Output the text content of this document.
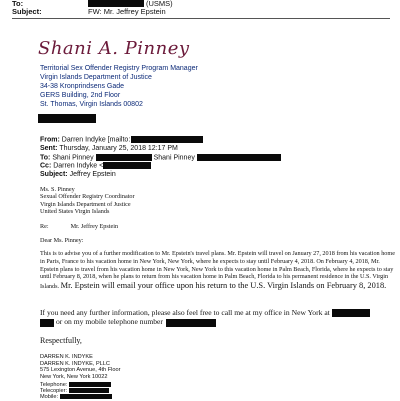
To:	(USMS)
Subject:	FW: Mr. Jeffrey Epstein
Shani A. Pinney
Territorial Sex Offender Registry Program Manager
Virgin Islands Department of Justice
34-38 Kronprindsens Gade
GERS Building, 2nd Floor
St. Thomas, Virgin Islands 00802
From: Darren Indyke [mailto:
Sent: Thursday, January 25, 2018 12:17 PM
To: Shani Pinney	Shani Pinney
Cc: Darren Indyke <
Subject: Jeffrey Epstein

Ms. S. Pinney

Sexual Offender Registry Coordinator

Virgin Islands Department of Justice

United States Virgin Islands

Re:	Mr. Jeffrey Epstein

Dear Ms. Pinney:

This is to advise you of a further modification to Mr. Epstein's travel plans. Mr. Epstein will travel on January 27, 2018 from his vacation home in Paris, France to his vacation home in New York, New York, where he expects to stay until February 4, 2018. On February 4, 2018, Mr. Epstein plans to travel from his vacation home in New York, New York to this vacation home in Palm Beach, Florida, where he expects to stay until February 8, 2018, when he plans to return from his vacation home in Palm Beach, Florida to his permanent residence in the U.S. Virgin Islands. Mr. Epstein will email your office upon his return to the U.S. Virgin Islands on February 8, 2018.

If you need any further information, please also feel free to call me at my office in New York at
or on my mobile telephone number
Respectfully,
DARREN K. INDYKE
DARREN K. INDYKE, PLLC
575 Lexington Avenue, 4th Floor
New York, New York 10022
Telephone:
Telecopier:
Mobile:
